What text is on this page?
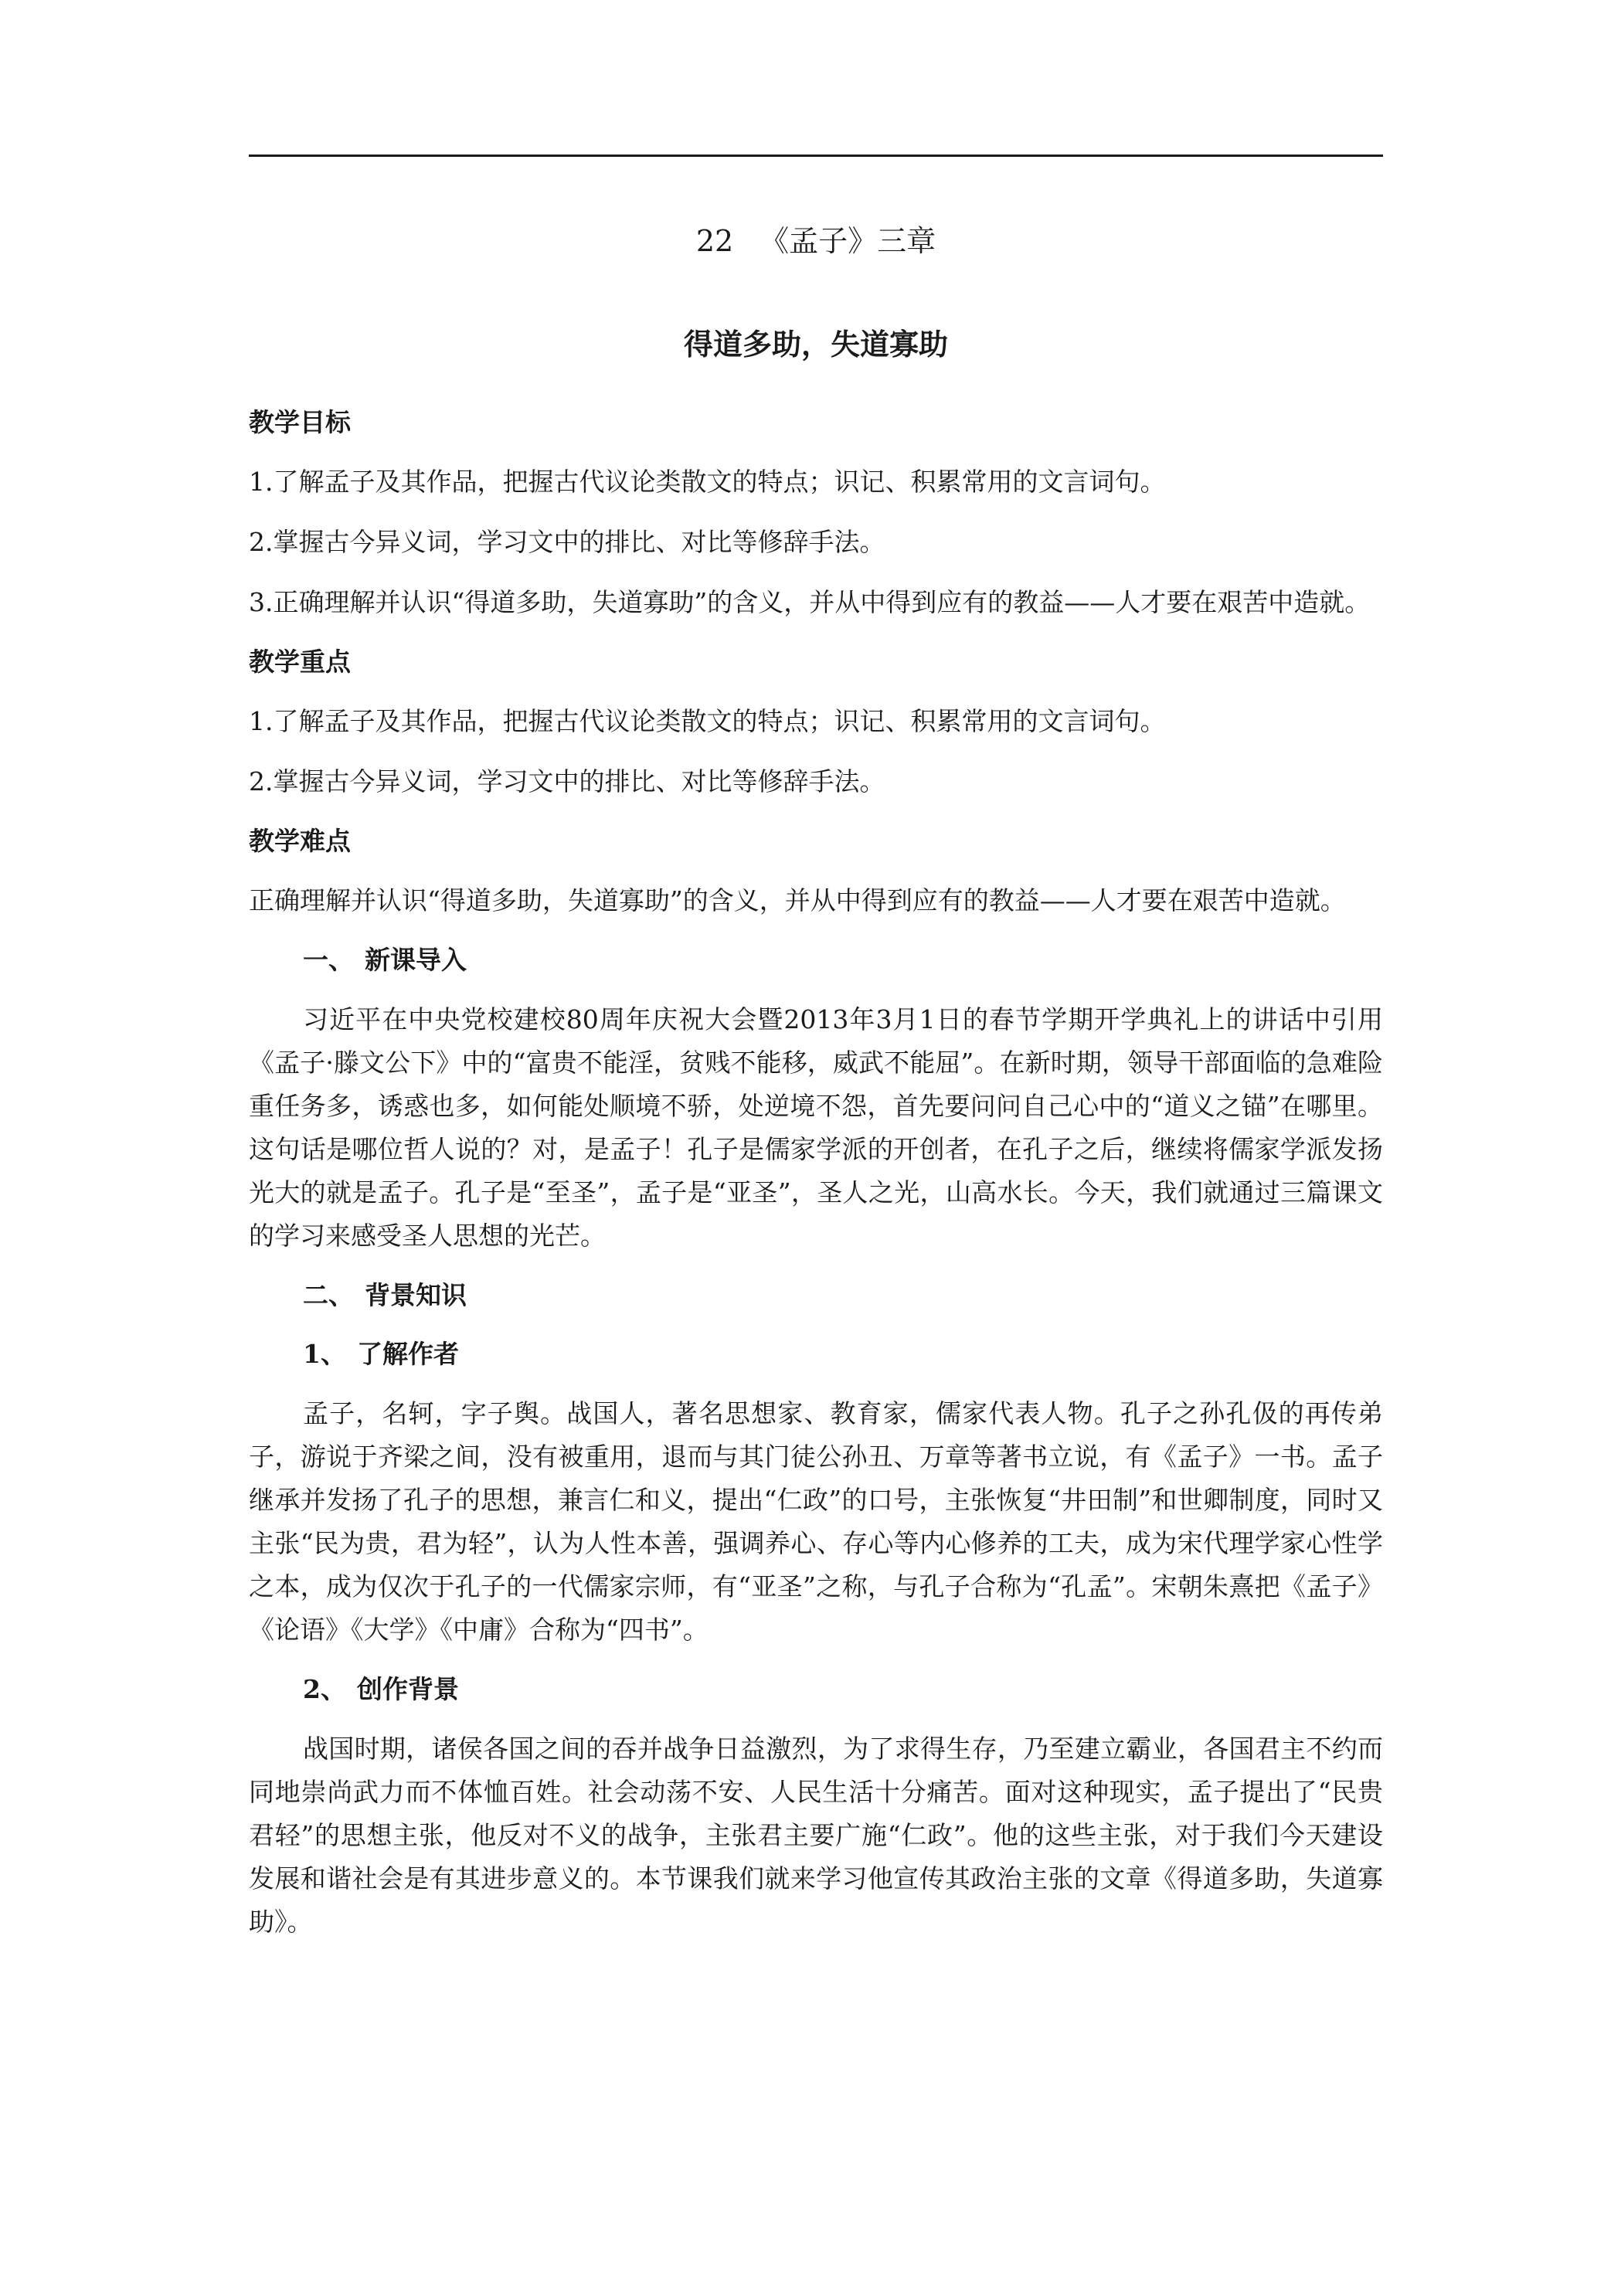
22 《孟子》三章
得道多助，失道寡助

教学目标

1.了解孟子及其作品，把握古代议论类散文的特点；识记、积累常用的文言词句。

2.掌握古今异义词，学习文中的排比、对比等修辞手法。

3.正确理解并认识“得道多助，失道寡助”的含义，并从中得到应有的教益——人才要在艰苦中造就。

教学重点

1.了解孟子及其作品，把握古代议论类散文的特点；识记、积累常用的文言词句。

2.掌握古今异义词，学习文中的排比、对比等修辞手法。

教学难点

正确理解并认识“得道多助，失道寡助”的含义，并从中得到应有的教益——人才要在艰苦中造就。

一、 新课导入

习近平在中央党校建校80周年庆祝大会暨2013年3月1日的春节学期开学典礼上的讲话中引用《孟子·滕文公下》中的“富贵不能淫，贫贱不能移，威武不能屈”。在新时期，领导干部面临的急难险重任务多，诱惑也多，如何能处顺境不骄，处逆境不怨，首先要问问自己心中的“道义之锚”在哪里。这句话是哪位哲人说的？对，是孟子！孔子是儒家学派的开创者，在孔子之后，继续将儒家学派发扬光大的就是孟子。孔子是“至圣”，孟子是“亚圣”，圣人之光，山高水长。今天，我们就通过三篇课文的学习来感受圣人思想的光芒。

二、 背景知识

1、 了解作者

孟子，名轲，字子舆。战国人，著名思想家、教育家，儒家代表人物。孔子之孙孔伋的再传弟子，游说于齐梁之间，没有被重用，退而与其门徒公孙丑、万章等著书立说，有《孟子》一书。孟子继承并发扬了孔子的思想，兼言仁和义，提出“仁政”的口号，主张恢复“井田制”和世卿制度，同时又主张“民为贵，君为轻”，认为人性本善，强调养心、存心等内心修养的工夫，成为宋代理学家心性学之本，成为仅次于孔子的一代儒家宗师，有“亚圣”之称，与孔子合称为“孔孟”。宋朝朱熹把《孟子》《论语》《大学》《中庸》合称为“四书”。

2、 创作背景

战国时期，诸侯各国之间的吞并战争日益激烈，为了求得生存，乃至建立霸业，各国君主不约而同地崇尚武力而不体恤百姓。社会动荡不安、人民生活十分痛苦。面对这种现实，孟子提出了“民贵君轻”的思想主张，他反对不义的战争，主张君主要广施“仁政”。他的这些主张，对于我们今天建设发展和谐社会是有其进步意义的。本节课我们就来学习他宣传其政治主张的文章《得道多助，失道寡助》。
